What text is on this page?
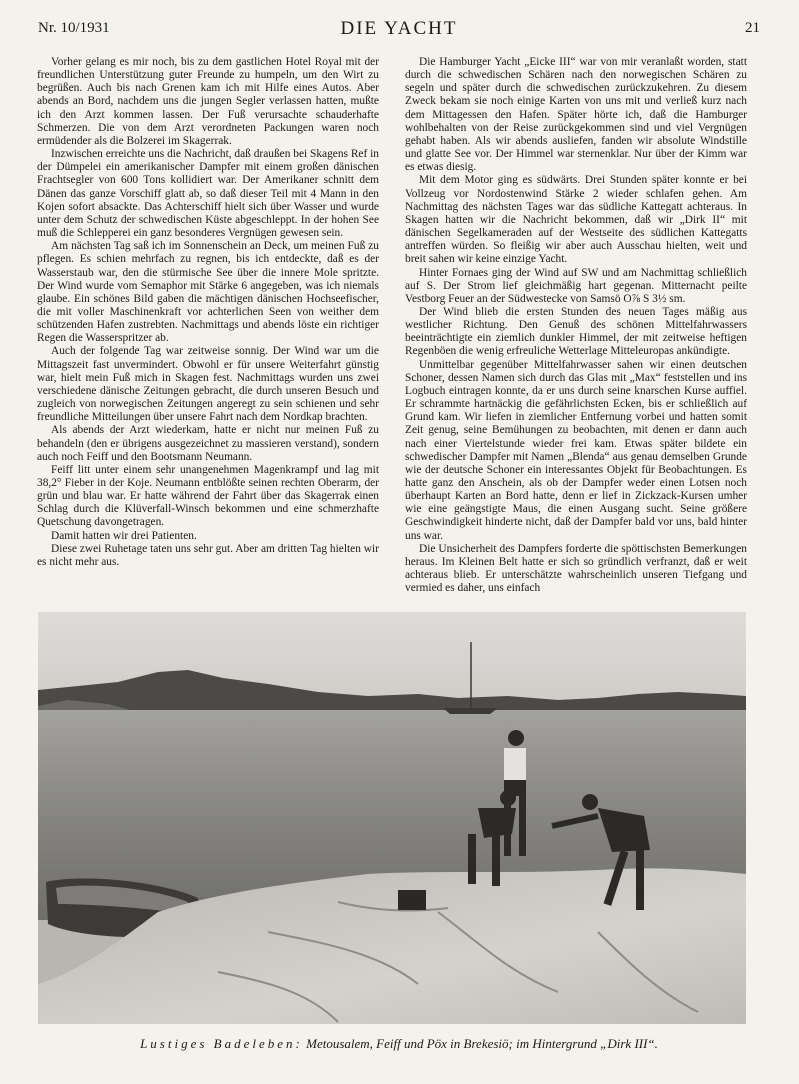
Nr. 10/1931	DIE YACHT	21

Vorher gelang es mir noch, bis zu dem gastlichen Hotel Royal mit der freundlichen Unterstützung guter Freunde zu humpeln, um den Wirt zu begrüßen. Auch bis nach Grenen kam ich mit Hilfe eines Autos. Aber abends an Bord, nachdem uns die jungen Segler verlassen hatten, mußte ich den Arzt kommen lassen. Der Fuß verursachte schauderhafte Schmerzen. Die von dem Arzt verordneten Packungen waren noch ermüdender als die Bolzerei im Skagerrak.

Inzwischen erreichte uns die Nachricht, daß draußen bei Skagens Ref in der Dümpelei ein amerikanischer Dampfer mit einem großen dänischen Frachtsegler von 600 Tons kollidiert war. Der Amerikaner schnitt dem Dänen das ganze Vorschiff glatt ab, so daß dieser Teil mit 4 Mann in den Kojen sofort absackte. Das Achterschiff hielt sich über Wasser und wurde unter dem Schutz der schwedischen Küste abgeschleppt. In der hohen See muß die Schlepperei ein ganz besonderes Vergnügen gewesen sein.

Am nächsten Tag saß ich im Sonnenschein an Deck, um meinen Fuß zu pflegen. Es schien mehrfach zu regnen, bis ich entdeckte, daß es der Wasserstaub war, den die stürmische See über die innere Mole spritzte. Der Wind wurde vom Semaphor mit Stärke 6 angegeben, was ich niemals glaube. Ein schönes Bild gaben die mächtigen dänischen Hochseefischer, die mit voller Maschinenkraft vor achterlichen Seen von weither dem schützenden Hafen zustrebten. Nachmittags und abends löste ein richtiger Regen die Wasserspritzer ab.

Auch der folgende Tag war zeitweise sonnig. Der Wind war um die Mittagszeit fast unvermindert. Obwohl er für unsere Weiterfahrt günstig war, hielt mein Fuß mich in Skagen fest. Nachmittags wurden uns zwei verschiedene dänische Zeitungen gebracht, die durch unseren Besuch und zugleich von norwegischen Zeitungen angeregt zu sein schienen und sehr freundliche Mitteilungen über unsere Fahrt nach dem Nordkap brachten.

Als abends der Arzt wiederkam, hatte er nicht nur meinen Fuß zu behandeln (den er übrigens ausgezeichnet zu massieren verstand), sondern auch noch Feiff und den Bootsmann Neumann.

Feiff litt unter einem sehr unangenehmen Magenkrampf und lag mit 38,2° Fieber in der Koje. Neumann entblößte seinen rechten Oberarm, der grün und blau war. Er hatte während der Fahrt über das Skagerrak einen Schlag durch die Klüverfall-Winsch bekommen und eine schmerzhafte Quetschung davongetragen.

Damit hatten wir drei Patienten.

Diese zwei Ruhetage taten uns sehr gut. Aber am dritten Tag hielten wir es nicht mehr aus.

Die Hamburger Yacht „Eicke III“ war von mir veranlaßt worden, statt durch die schwedischen Schären nach den norwegischen Schären zu segeln und später durch die schwedischen zurückzukehren. Zu diesem Zweck bekam sie noch einige Karten von uns mit und verließ kurz nach dem Mittagessen den Hafen. Später hörte ich, daß die Hamburger wohlbehalten von der Reise zurückgekommen sind und viel Vergnügen gehabt haben. Als wir abends ausliefen, fanden wir absolute Windstille und glatte See vor. Der Himmel war sternenklar. Nur über der Kimm war es etwas diesig.

Mit dem Motor ging es südwärts. Drei Stunden später konnte er bei Vollzeug vor Nordostenwind Stärke 2 wieder schlafen gehen. Am Nachmittag des nächsten Tages war das südliche Kattegatt achteraus. In Skagen hatten wir die Nachricht bekommen, daß wir „Dirk II“ mit dänischen Segelkameraden auf der Westseite des südlichen Kattegatts antreffen würden. So fleißig wir aber auch Ausschau hielten, weit und breit sahen wir keine einzige Yacht.

Hinter Fornaes ging der Wind auf SW und am Nachmittag schließlich auf S. Der Strom lief gleichmäßig hart gegenan. Mitternacht peilte Vestborg Feuer an der Südwestecke von Samsö O⅞ S 3½ sm.

Der Wind blieb die ersten Stunden des neuen Tages mäßig aus westlicher Richtung. Den Genuß des schönen Mittelfahrwassers beeinträchtigte ein ziemlich dunkler Himmel, der mit zeitweise heftigen Regenböen die wenig erfreuliche Wetterlage Mitteleuropas ankündigte.

Unmittelbar gegenüber Mittelfahrwasser sahen wir einen deutschen Schoner, dessen Namen sich durch das Glas mit „Max“ feststellen und ins Logbuch eintragen konnte, da er uns durch seine knarschen Kurse auffiel. Er schrammte hartnäckig die gefährlichsten Ecken, bis er schließlich auf Grund kam. Wir liefen in ziemlicher Entfernung vorbei und hatten somit Zeit genug, seine Bemühungen zu beobachten, mit denen er dann auch nach einer Viertelstunde wieder frei kam. Etwas später bildete ein schwedischer Dampfer mit Namen „Blenda“ aus genau demselben Grunde wie der deutsche Schoner ein interessantes Objekt für Beobachtungen. Es hatte ganz den Anschein, als ob der Dampfer weder einen Lotsen noch überhaupt Karten an Bord hatte, denn er lief in Zickzack-Kursen umher wie eine geängstigte Maus, die einen Ausgang sucht. Seine größere Geschwindigkeit hinderte nicht, daß der Dampfer bald vor uns, bald hinter uns war.

Die Unsicherheit des Dampfers forderte die spöttischsten Bemerkungen heraus. Im Kleinen Belt hatte er sich so gründlich verfranzt, daß er weit achteraus blieb. Er unterschätzte wahrscheinlich unseren Tiefgang und vermied es daher, uns einfach

Lustiges Badeleben: Metousalem, Feiff und Pöx in Brekesiö; im Hintergrund „Dirk III“.
